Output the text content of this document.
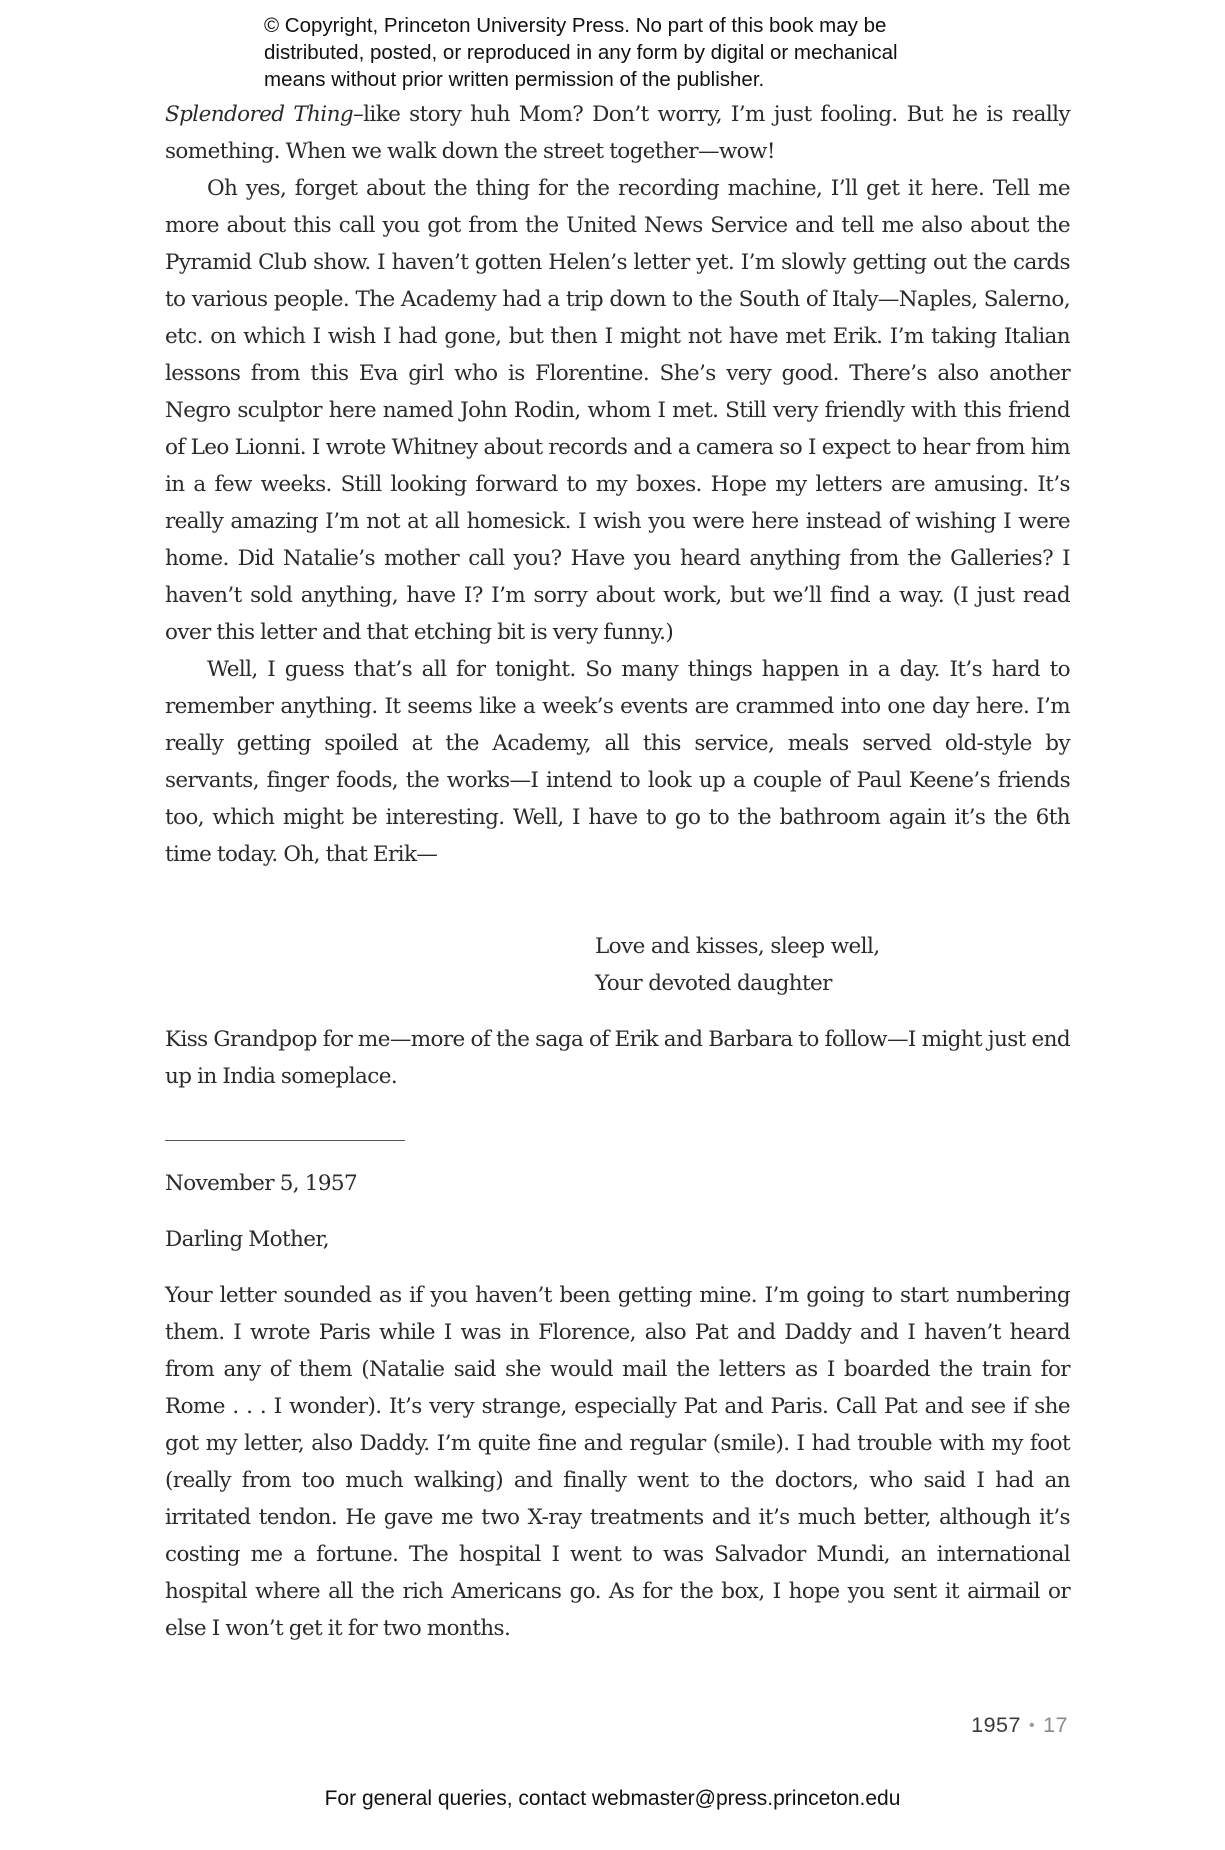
© Copyright, Princeton University Press. No part of this book may be
distributed, posted, or reproduced in any form by digital or mechanical
means without prior written permission of the publisher.

Splendored Thing–like story huh Mom? Don’t worry, I’m just fooling. But he is really something. When we walk down the street together—wow!

Oh yes, forget about the thing for the recording machine, I’ll get it here. Tell me more about this call you got from the United News Service and tell me also about the Pyramid Club show. I haven’t gotten Helen’s letter yet. I’m slowly getting out the cards to various people. The Academy had a trip down to the South of Italy—Naples, Salerno, etc. on which I wish I had gone, but then I might not have met Erik. I’m taking Italian lessons from this Eva girl who is Florentine. She’s very good. There’s also another Negro sculptor here named John Rodin, whom I met. Still very friendly with this friend of Leo Lionni. I wrote Whitney about records and a camera so I expect to hear from him in a few weeks. Still looking forward to my boxes. Hope my letters are amusing. It’s really amazing I’m not at all homesick. I wish you were here instead of wishing I were home. Did Natalie’s mother call you? Have you heard anything from the Galleries? I haven’t sold anything, have I? I’m sorry about work, but we’ll find a way. (I just read over this letter and that etching bit is very funny.)

Well, I guess that’s all for tonight. So many things happen in a day. It’s hard to remember anything. It seems like a week’s events are crammed into one day here. I’m really getting spoiled at the Academy, all this service, meals served old-style by servants, finger foods, the works—I intend to look up a couple of Paul Keene’s friends too, which might be interesting. Well, I have to go to the bathroom again it’s the 6th time today. Oh, that Erik—

Love and kisses, sleep well,
Your devoted daughter

Kiss Grandpop for me—more of the saga of Erik and Barbara to follow—I might just end up in India someplace.

November 5, 1957
Darling Mother,

Your letter sounded as if you haven’t been getting mine. I’m going to start numbering them. I wrote Paris while I was in Florence, also Pat and Daddy and I haven’t heard from any of them (Natalie said she would mail the letters as I boarded the train for Rome . . . I wonder). It’s very strange, especially Pat and Paris. Call Pat and see if she got my letter, also Daddy. I’m quite fine and regular (smile). I had trouble with my foot (really from too much walking) and finally went to the doctors, who said I had an irritated tendon. He gave me two X-ray treatments and it’s much better, although it’s costing me a fortune. The hospital I went to was Salvador Mundi, an international hospital where all the rich Americans go. As for the box, I hope you sent it airmail or else I won’t get it for two months.

1957 • 17
For general queries, contact webmaster@press.princeton.edu
